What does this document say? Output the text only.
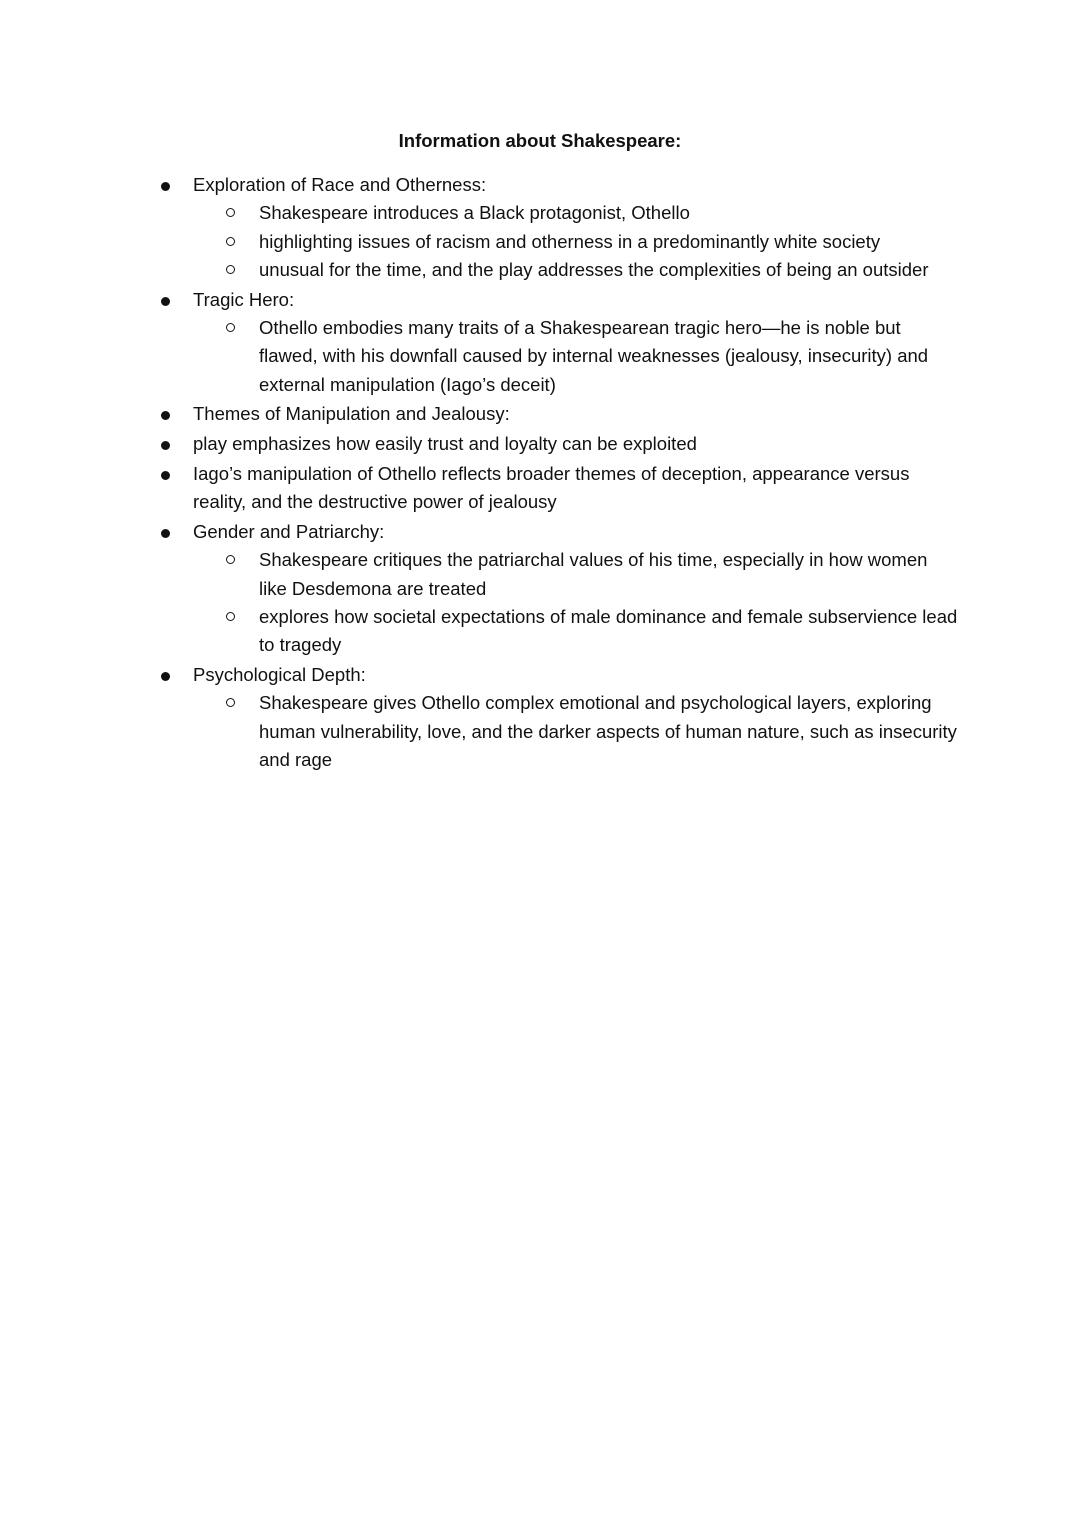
Information about Shakespeare:
Exploration of Race and Otherness:
Shakespeare introduces a Black protagonist, Othello
highlighting issues of racism and otherness in a predominantly white society
unusual for the time, and the play addresses the complexities of being an outsider
Tragic Hero:
Othello embodies many traits of a Shakespearean tragic hero—he is noble but flawed, with his downfall caused by internal weaknesses (jealousy, insecurity) and external manipulation (Iago’s deceit)
Themes of Manipulation and Jealousy:
play emphasizes how easily trust and loyalty can be exploited
Iago’s manipulation of Othello reflects broader themes of deception, appearance versus reality, and the destructive power of jealousy
Gender and Patriarchy:
Shakespeare critiques the patriarchal values of his time, especially in how women like Desdemona are treated
explores how societal expectations of male dominance and female subservience lead to tragedy
Psychological Depth:
Shakespeare gives Othello complex emotional and psychological layers, exploring human vulnerability, love, and the darker aspects of human nature, such as insecurity and rage
